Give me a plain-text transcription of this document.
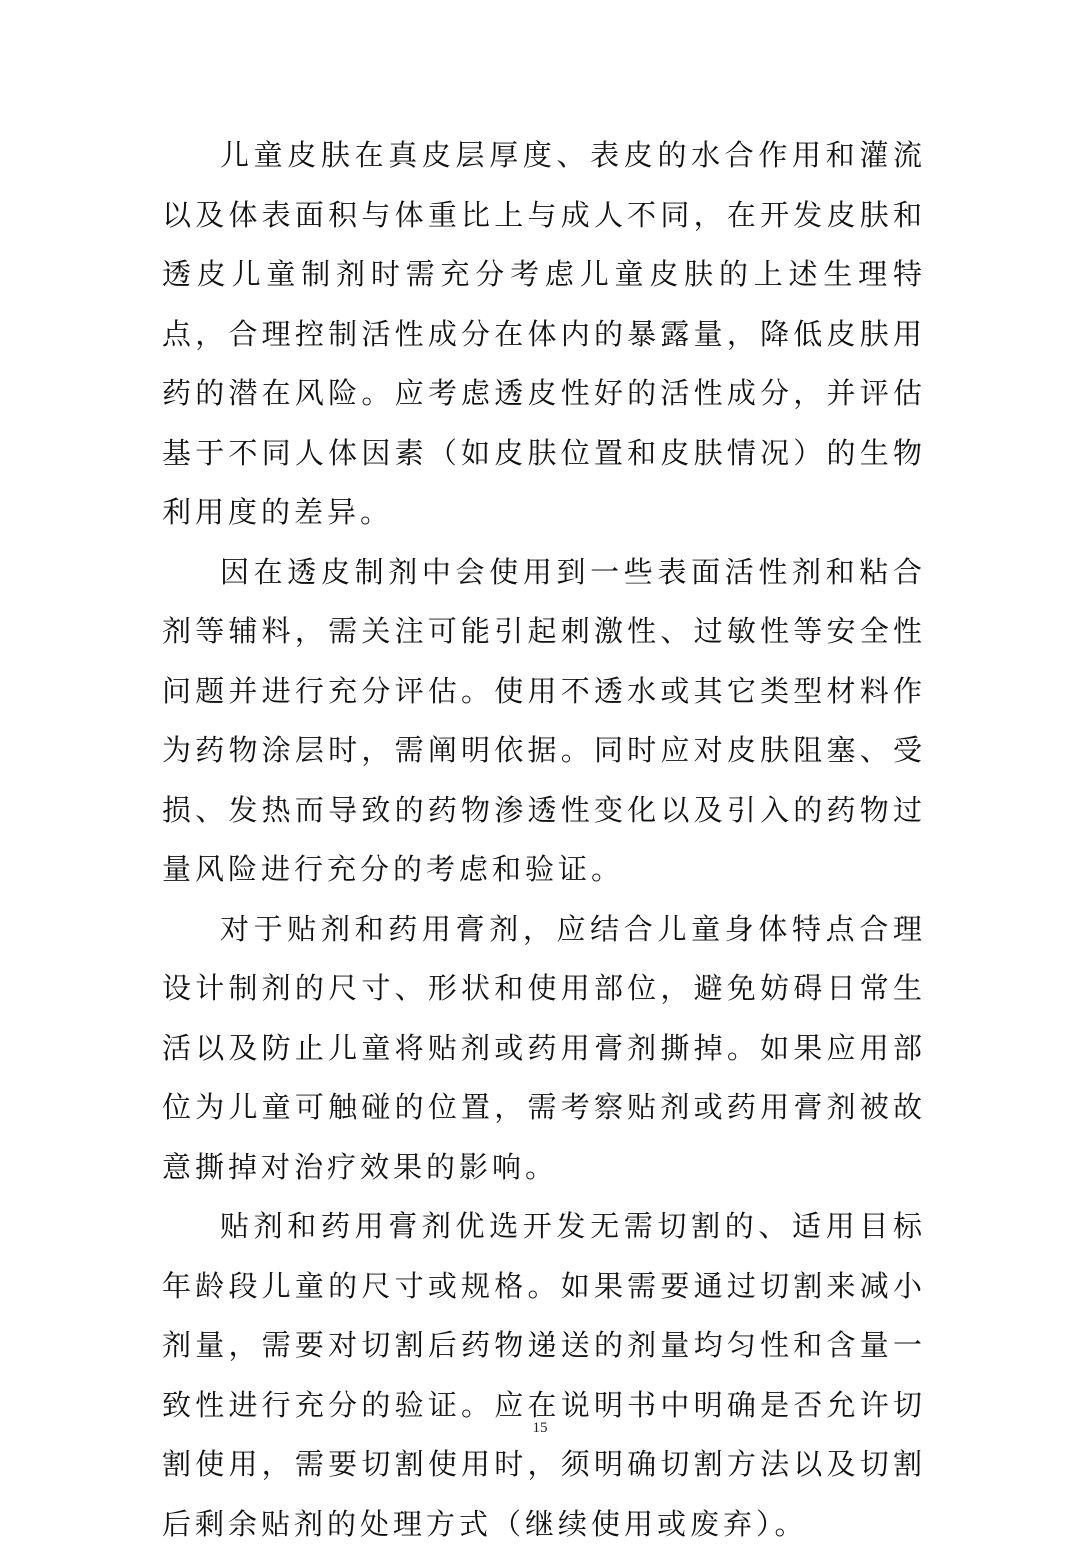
儿童皮肤在真皮层厚度、表皮的水合作用和灌流以及体表面积与体重比上与成人不同，在开发皮肤和透皮儿童制剂时需充分考虑儿童皮肤的上述生理特点，合理控制活性成分在体内的暴露量，降低皮肤用药的潜在风险。应考虑透皮性好的活性成分，并评估基于不同人体因素（如皮肤位置和皮肤情况）的生物利用度的差异。

因在透皮制剂中会使用到一些表面活性剂和粘合剂等辅料，需关注可能引起刺激性、过敏性等安全性问题并进行充分评估。使用不透水或其它类型材料作为药物涂层时，需阐明依据。同时应对皮肤阻塞、受损、发热而导致的药物渗透性变化以及引入的药物过量风险进行充分的考虑和验证。

对于贴剂和药用膏剂，应结合儿童身体特点合理设计制剂的尺寸、形状和使用部位，避免妨碍日常生活以及防止儿童将贴剂或药用膏剂撕掉。如果应用部位为儿童可触碰的位置，需考察贴剂或药用膏剂被故意撕掉对治疗效果的影响。

贴剂和药用膏剂优选开发无需切割的、适用目标年龄段儿童的尺寸或规格。如果需要通过切割来减小剂量，需要对切割后药物递送的剂量均匀性和含量一致性进行充分的验证。应在说明书中明确是否允许切割使用，需要切割使用时，须明确切割方法以及切割后剩余贴剂的处理方式（继续使用或废弃）。

15
